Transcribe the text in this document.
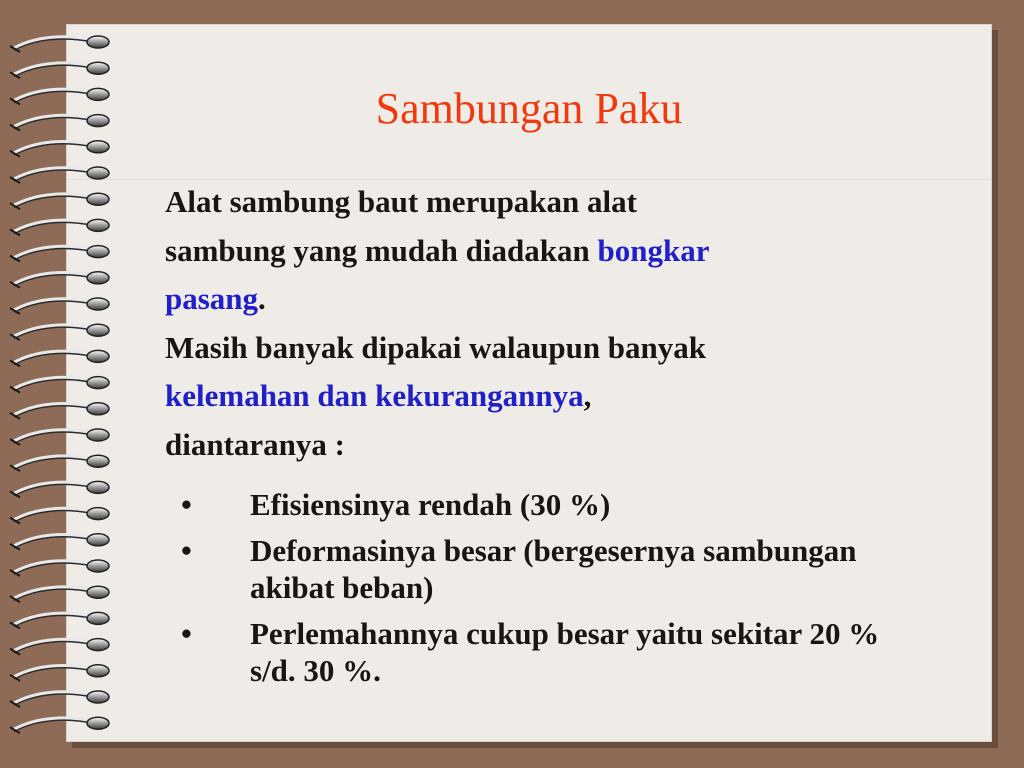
Sambungan Paku
Alat sambung baut merupakan alat
sambung yang mudah diadakan bongkar
pasang.
Masih banyak dipakai walaupun banyak
kelemahan dan kekurangannya,
diantaranya :
• Efisiensinya rendah (30 %)
• Deformasinya besar (bergesernya sambungan akibat beban)
• Perlemahannya cukup besar yaitu sekitar 20 % s/d. 30 %.
